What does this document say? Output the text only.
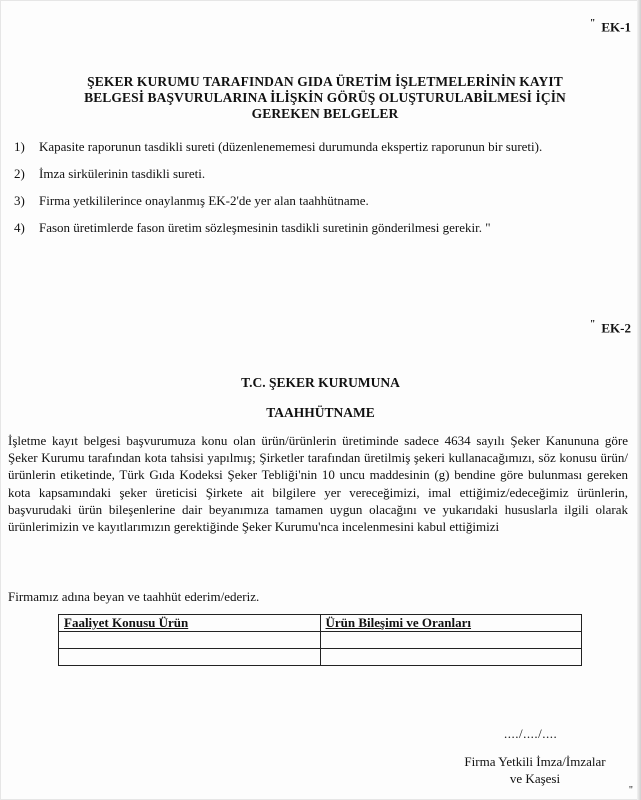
" EK-1
ŞEKER KURUMU TARAFINDAN GIDA ÜRETİM İŞLETMELERİNİN KAYIT
BELGESİ BAŞVURULARINA İLİŞKİN GÖRÜŞ OLUŞTURULABİLMESİ İÇİN
GEREKEN BELGELER
1)	Kapasite raporunun tasdikli sureti (düzenlenememesi durumunda ekspertiz raporunun bir sureti).
2)	İmza sirkülerinin tasdikli sureti.
3)	Firma yetkililerince onaylanmış EK-2'de yer alan taahhütname.
4)	Fason üretimlerde fason üretim sözleşmesinin tasdikli suretinin gönderilmesi gerekir. "
" EK-2
T.C. ŞEKER KURUMUNA
TAAHHÜTNAME

İşletme kayıt belgesi başvurumuza konu olan ürün/ürünlerin üretiminde sadece 4634 sayılı Şeker Kanununa göre Şeker Kurumu tarafından kota tahsisi yapılmış; Şirketler tarafından üretilmiş şekeri kullanacağımızı, söz konusu ürün/ürünlerin etiketinde, Türk Gıda Kodeksi Şeker Tebliği'nin 10 uncu maddesinin (g) bendine göre bulunması gereken kota kapsamındaki şeker üreticisi Şirkete ait bilgilere yer vereceğimizi, imal ettiğimiz/edeceğimiz ürünlerin, başvurudaki ürün bileşenlerine dair beyanımıza tamamen uygun olacağını ve yukarıdaki hususlarla ilgili olarak ürünlerimizin ve kayıtlarımızın gerektiğinde Şeker Kurumu'nca incelenmesini kabul ettiğimizi

Firmamız adına beyan ve taahhüt ederim/ederiz.
Faaliyet Konusu Ürün	Ürün Bileşimi ve Oranları

..../..../....
Firma Yetkili İmza/İmzalar
ve Kaşesi
"
